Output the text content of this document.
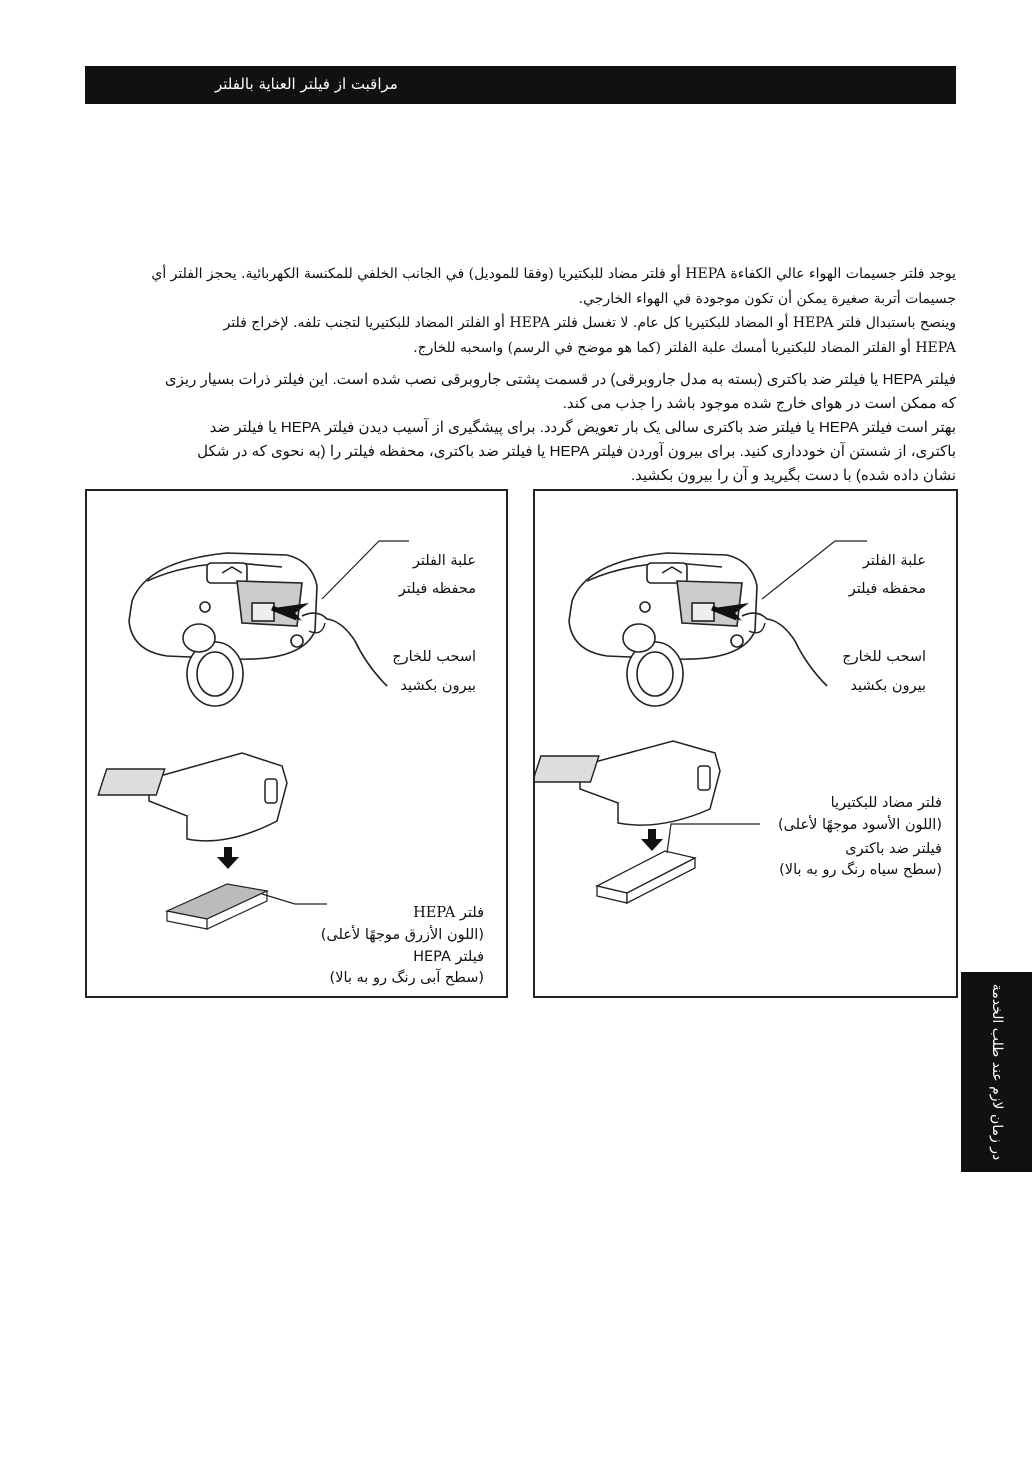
مراقبت از فیلتر العناية بالفلتر
يوجد فلتر جسيمات الهواء عالي الكفاءة HEPA أو فلتر مضاد للبكتيريا (وفقا للموديل) في الجانب الخلفي للمكنسة الكهربائية. يحجز الفلتر أي
جسيمات أتربة صغيرة يمكن أن تكون موجودة في الهواء الخارجي.
وينصح باستبدال فلتر HEPA أو المضاد للبكتيريا كل عام. لا تغسل فلتر HEPA أو الفلتر المضاد للبكتيريا لتجنب تلفه. لإخراج فلتر
HEPA أو الفلتر المضاد للبكتيريا أمسك علبة الفلتر (كما هو موضح في الرسم) واسحبه للخارج.
فیلتر HEPA یا فیلتر ضد باکتری (بسته به مدل جاروبرقی) در قسمت پشتی جاروبرقی نصب شده است. این فیلتر ذرات بسیار ریزی
که ممکن است در هوای خارج شده موجود باشد را جذب می کند.
بهتر است فیلتر HEPA یا فیلتر ضد باکتری سالی یک بار تعویض گردد. برای پیشگیری از آسیب دیدن فیلتر HEPA یا فیلتر ضد
باکتری، از شستن آن خودداری کنید. برای بیرون آوردن فیلتر HEPA یا فیلتر ضد باکتری، محفظه فیلتر را (به نحوی که در شکل
نشان داده شده) با دست بگیرید و آن را بیرون بکشید.
علبة الفلتر
محفظه فیلتر
اسحب للخارج
بیرون بکشید
فلتر HEPA
(اللون الأزرق موجهًا لأعلى)
فیلتر HEPA
(سطح آبی رنگ رو به بالا)
علبة الفلتر
محفظه فیلتر
اسحب للخارج
بیرون بکشید
فلتر مضاد للبكتيريا
(اللون الأسود موجهًا لأعلى)
فیلتر ضد باکتری
(سطح سیاه رنگ رو به بالا)
در زمان لازم عند طلب الخدمة
